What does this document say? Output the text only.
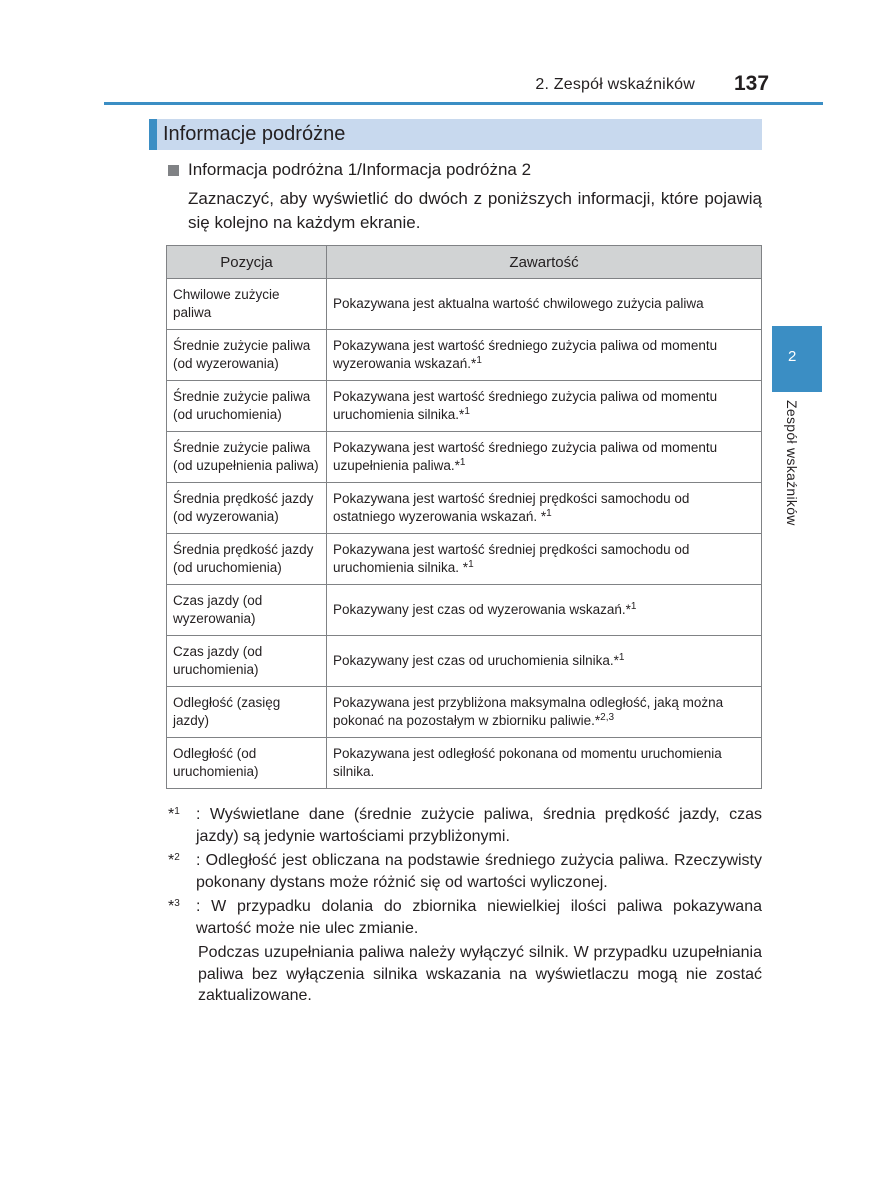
2. Zespół wskaźników 137
Informacje podróżne
Informacja podróżna 1/Informacja podróżna 2
Zaznaczyć, aby wyświetlić do dwóch z poniższych informacji, które pojawią się kolejno na każdym ekranie.
Pozycja	Zawartość
Chwilowe zużycie paliwa	Pokazywana jest aktualna wartość chwilowego zużycia paliwa
Średnie zużycie paliwa (od wyzerowania)	Pokazywana jest wartość średniego zużycia paliwa od momentu wyzerowania wskazań.*$^1$
Średnie zużycie paliwa (od uruchomienia)	Pokazywana jest wartość średniego zużycia paliwa od momentu uruchomienia silnika.*$^1$
Średnie zużycie paliwa (od uzupełnienia paliwa)	Pokazywana jest wartość średniego zużycia paliwa od momentu uzupełnienia paliwa.*$^1$
Średnia prędkość jazdy (od wyzerowania)	Pokazywana jest wartość średniej prędkości samochodu od ostatniego wyzerowania wskazań. *$^1$
Średnia prędkość jazdy (od uruchomienia)	Pokazywana jest wartość średniej prędkości samochodu od uruchomienia silnika. *$^1$
Czas jazdy (od wyzerowania)	Pokazywany jest czas od wyzerowania wskazań.*$^1$
Czas jazdy (od uruchomienia)	Pokazywany jest czas od uruchomienia silnika.*$^1$
Odległość (zasięg jazdy)	Pokazywana jest przybliżona maksymalna odległość, jaką można pokonać na pozostałym w zbiorniku paliwie.*$^{2,3}$
Odległość (od uruchomienia)	Pokazywana jest odległość pokonana od momentu uruchomienia silnika.
*$^1$	: Wyświetlane dane (średnie zużycie paliwa, średnia prędkość jazdy, czas jazdy) są jedynie wartościami przybliżonymi.
*$^2$	: Odległość jest obliczana na podstawie średniego zużycia paliwa. Rzeczywisty pokonany dystans może różnić się od wartości wyliczonej.
*$^3$	: W przypadku dolania do zbiornika niewielkiej ilości paliwa pokazywana wartość może nie ulec zmianie.
Podczas uzupełniania paliwa należy wyłączyć silnik. W przypadku uzupełniania paliwa bez wyłączenia silnika wskazania na wyświetlaczu mogą nie zostać zaktualizowane.
2
Zespół wskaźników
